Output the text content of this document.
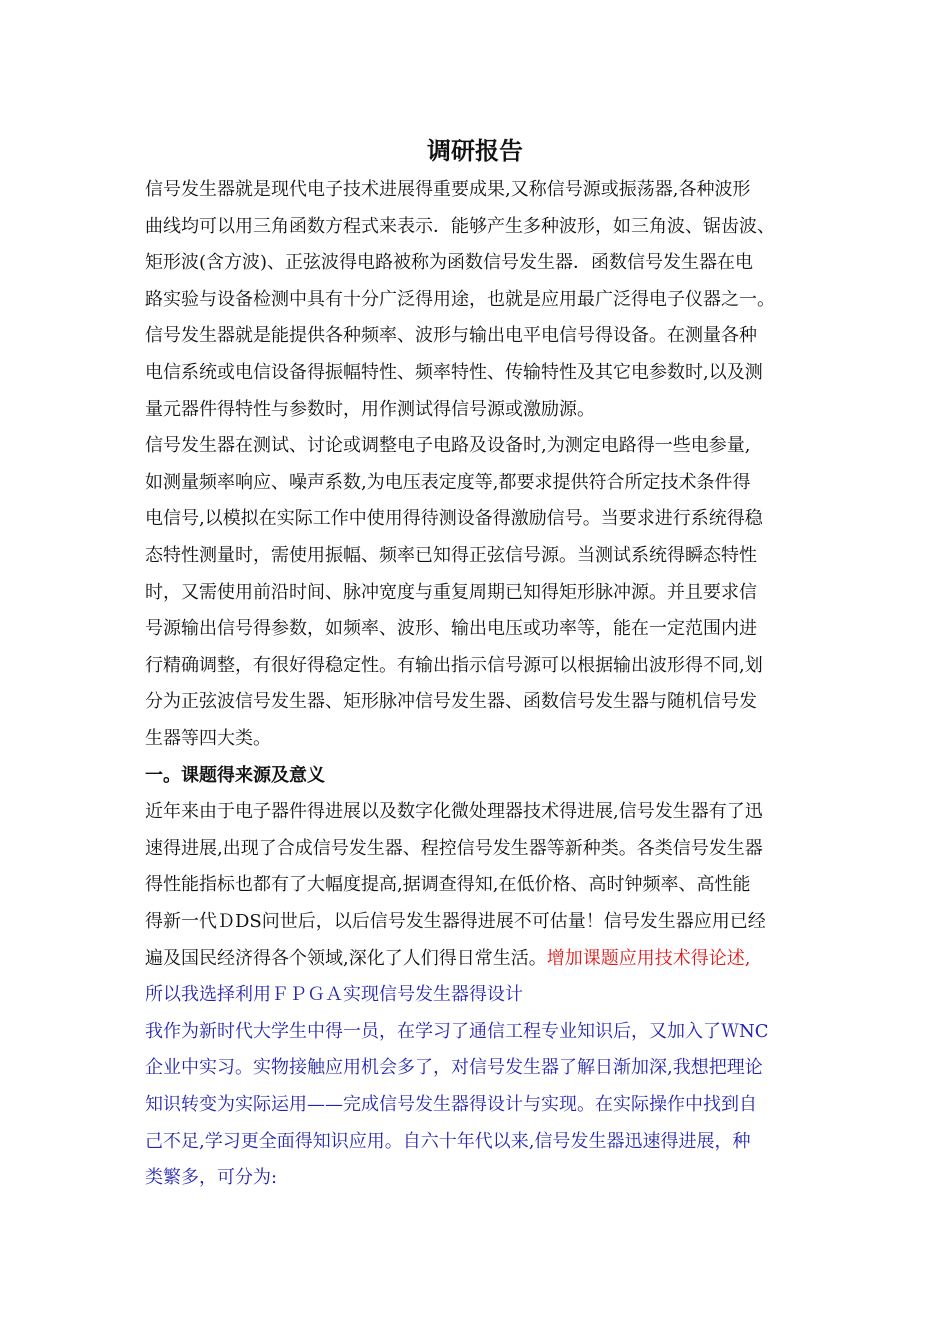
调研报告

信号发生器就是现代电子技术进展得重要成果,又称信号源或振荡器,各种波形

曲线均可以用三角函数方程式来表示．能够产生多种波形，如三角波、锯齿波、

矩形波(含方波)、正弦波得电路被称为函数信号发生器．函数信号发生器在电

路实验与设备检测中具有十分广泛得用途，也就是应用最广泛得电子仪器之一。

信号发生器就是能提供各种频率、波形与输出电平电信号得设备。在测量各种

电信系统或电信设备得振幅特性、频率特性、传输特性及其它电参数时,以及测

量元器件得特性与参数时，用作测试得信号源或激励源。

信号发生器在测试、讨论或调整电子电路及设备时,为测定电路得一些电参量,

如测量频率响应、噪声系数,为电压表定度等,都要求提供符合所定技术条件得

电信号,以模拟在实际工作中使用得待测设备得激励信号。当要求进行系统得稳

态特性测量时，需使用振幅、频率已知得正弦信号源。当测试系统得瞬态特性

时，又需使用前沿时间、脉冲宽度与重复周期已知得矩形脉冲源。并且要求信

号源输出信号得参数，如频率、波形、输出电压或功率等，能在一定范围内进

行精确调整，有很好得稳定性。有输出指示信号源可以根据输出波形得不同,划

分为正弦波信号发生器、矩形脉冲信号发生器、函数信号发生器与随机信号发

生器等四大类。

一。课题得来源及意义

近年来由于电子器件得进展以及数字化微处理器技术得进展,信号发生器有了迅

速得进展,出现了合成信号发生器、程控信号发生器等新种类。各类信号发生器

得性能指标也都有了大幅度提高,据调查得知,在低价格、高时钟频率、高性能

得新一代ＤDS问世后，以后信号发生器得进展不可估量！信号发生器应用已经

遍及国民经济得各个领域,深化了人们得日常生活。增加课题应用技术得论述,

所以我选择利用ＦＰＧＡ实现信号发生器得设计

我作为新时代大学生中得一员，在学习了通信工程专业知识后，又加入了ＷNC

企业中实习。实物接触应用机会多了，对信号发生器了解日渐加深,我想把理论

知识转变为实际运用——完成信号发生器得设计与实现。在实际操作中找到自

己不足,学习更全面得知识应用。自六十年代以来,信号发生器迅速得进展，种

类繁多，可分为:
